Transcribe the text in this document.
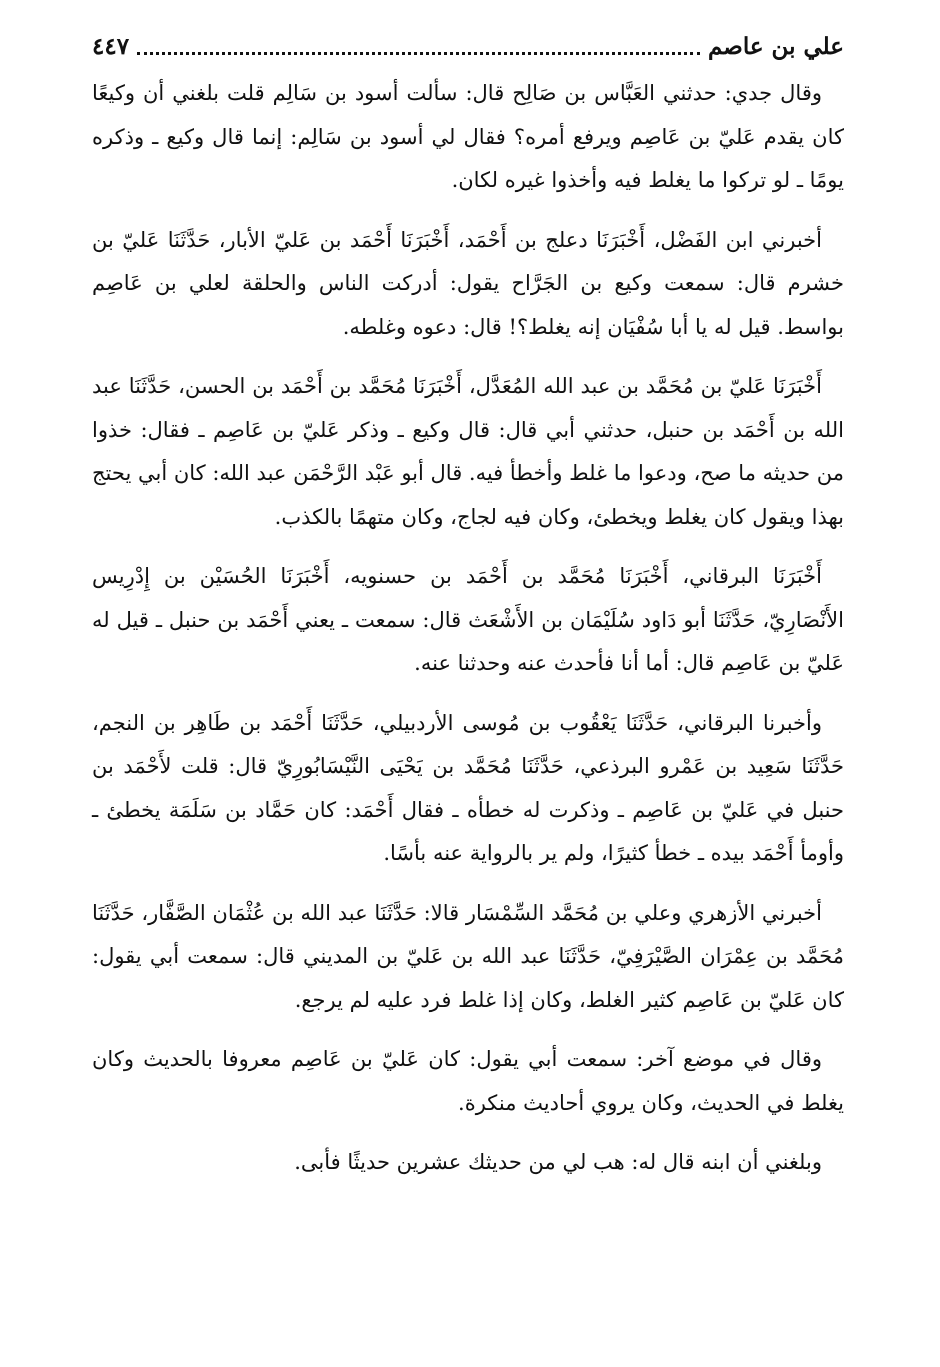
علي بن عاصم
٤٤٧

وقال جدي: حدثني العَبَّاس بن صَالِح قال: سألت أسود بن سَالِم قلت بلغني أن وكيعًا كان يقدم عَليّ بن عَاصِم ويرفع أمره؟ فقال لي أسود بن سَالِم: إنما قال وكيع ـ وذكره يومًا ـ لو تركوا ما يغلط فيه وأخذوا غيره لكان.

أخبرني ابن الفَضْل، أَخْبَرَنَا دعلج بن أَحْمَد، أَخْبَرَنَا أَحْمَد بن عَليّ الأبار، حَدَّثَنَا عَليّ بن خشرم قال: سمعت وكيع بن الجَرَّاح يقول: أدركت الناس والحلقة لعلي بن عَاصِم بواسط. قيل له يا أبا سُفْيَان إنه يغلط؟! قال: دعوه وغلطه.

أَخْبَرَنَا عَليّ بن مُحَمَّد بن عبد الله المُعَدَّل، أَخْبَرَنَا مُحَمَّد بن أَحْمَد بن الحسن، حَدَّثَنَا عبد الله بن أَحْمَد بن حنبل، حدثني أبي قال: قال وكيع ـ وذكر عَليّ بن عَاصِم ـ فقال: خذوا من حديثه ما صح، ودعوا ما غلط وأخطأ فيه. قال أبو عَبْد الرَّحْمَن عبد الله: كان أبي يحتج بهذا ويقول كان يغلط ويخطئ، وكان فيه لجاج، وكان متهمًا بالكذب.

أَخْبَرَنَا البرقاني، أَخْبَرَنَا مُحَمَّد بن أَحْمَد بن حسنويه، أَخْبَرَنَا الحُسَيْن بن إِدْرِيس الأَنْصَارِيّ، حَدَّثَنَا أبو دَاود سُلَيْمَان بن الأَشْعَث قال: سمعت ـ يعني أَحْمَد بن حنبل ـ قيل له عَليّ بن عَاصِم قال: أما أنا فأحدث عنه وحدثنا عنه.

وأخبرنا البرقاني، حَدَّثَنَا يَعْقُوب بن مُوسى الأردبيلي، حَدَّثَنَا أَحْمَد بن طَاهِر بن النجم، حَدَّثَنَا سَعِيد بن عَمْرو البرذعي، حَدَّثَنَا مُحَمَّد بن يَحْيَى النَّيْسَابُورِيّ قال: قلت لأَحْمَد بن حنبل في عَليّ بن عَاصِم ـ وذكرت له خطأه ـ فقال أَحْمَد: كان حَمَّاد بن سَلَمَة يخطئ ـ وأومأ أَحْمَد بيده ـ خطأ كثيرًا، ولم ير بالرواية عنه بأسًا.

أخبرني الأزهري وعلي بن مُحَمَّد السِّمْسَار قالا: حَدَّثَنَا عبد الله بن عُثْمَان الصَّفَّار، حَدَّثَنَا مُحَمَّد بن عِمْرَان الصَّيْرَفِيّ، حَدَّثَنَا عبد الله بن عَليّ بن المديني قال: سمعت أبي يقول: كان عَليّ بن عَاصِم كثير الغلط، وكان إذا غلط فرد عليه لم يرجع.

وقال في موضع آخر: سمعت أبي يقول: كان عَليّ بن عَاصِم معروفا بالحديث وكان يغلط في الحديث، وكان يروي أحاديث منكرة.

وبلغني أن ابنه قال له: هب لي من حديثك عشرين حديثًا فأبى.
